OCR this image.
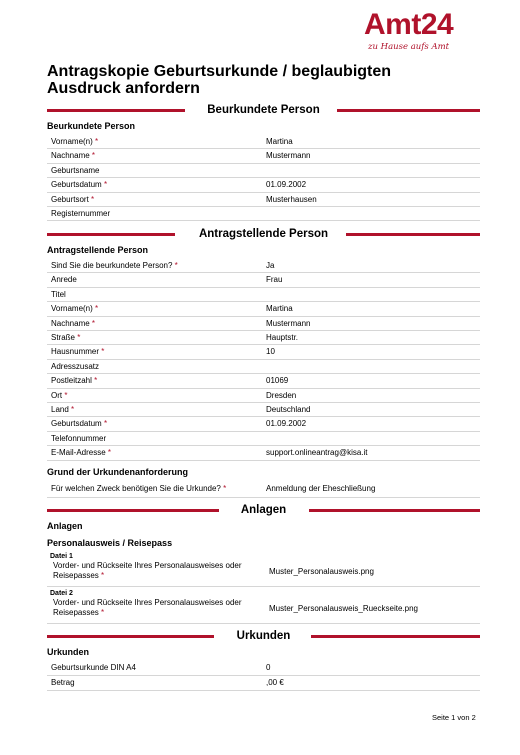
Amt24
zu Hause aufs Amt
Antragskopie Geburtsurkunde / beglaubigten Ausdruck anfordern
Beurkundete Person
Beurkundete Person
Vorname(n) *	Martina
Nachname *	Mustermann
Geburtsname
Geburtsdatum *	01.09.2002
Geburtsort *	Musterhausen
Registernummer
Antragstellende Person
Antragstellende Person
Sind Sie die beurkundete Person? *	Ja
Anrede	Frau
Titel
Vorname(n) *	Martina
Nachname *	Mustermann
Straße *	Hauptstr.
Hausnummer *	10
Adresszusatz
Postleitzahl *	01069
Ort *	Dresden
Land *	Deutschland
Geburtsdatum *	01.09.2002
Telefonnummer
E-Mail-Adresse *	support.onlineantrag@kisa.it
Grund der Urkundenanforderung
Für welchen Zweck benötigen Sie die Urkunde? *	Anmeldung der Eheschließung
Anlagen
Anlagen
Personalausweis / Reisepass
Datei 1
Vorder- und Rückseite Ihres Personalausweises oder Reisepasses *	Muster_Personalausweis.png
Datei 2
Vorder- und Rückseite Ihres Personalausweises oder Reisepasses *	Muster_Personalausweis_Rueckseite.png
Urkunden
Urkunden
Geburtsurkunde DIN A4	0
Betrag	,00 €
Seite 1 von 2
